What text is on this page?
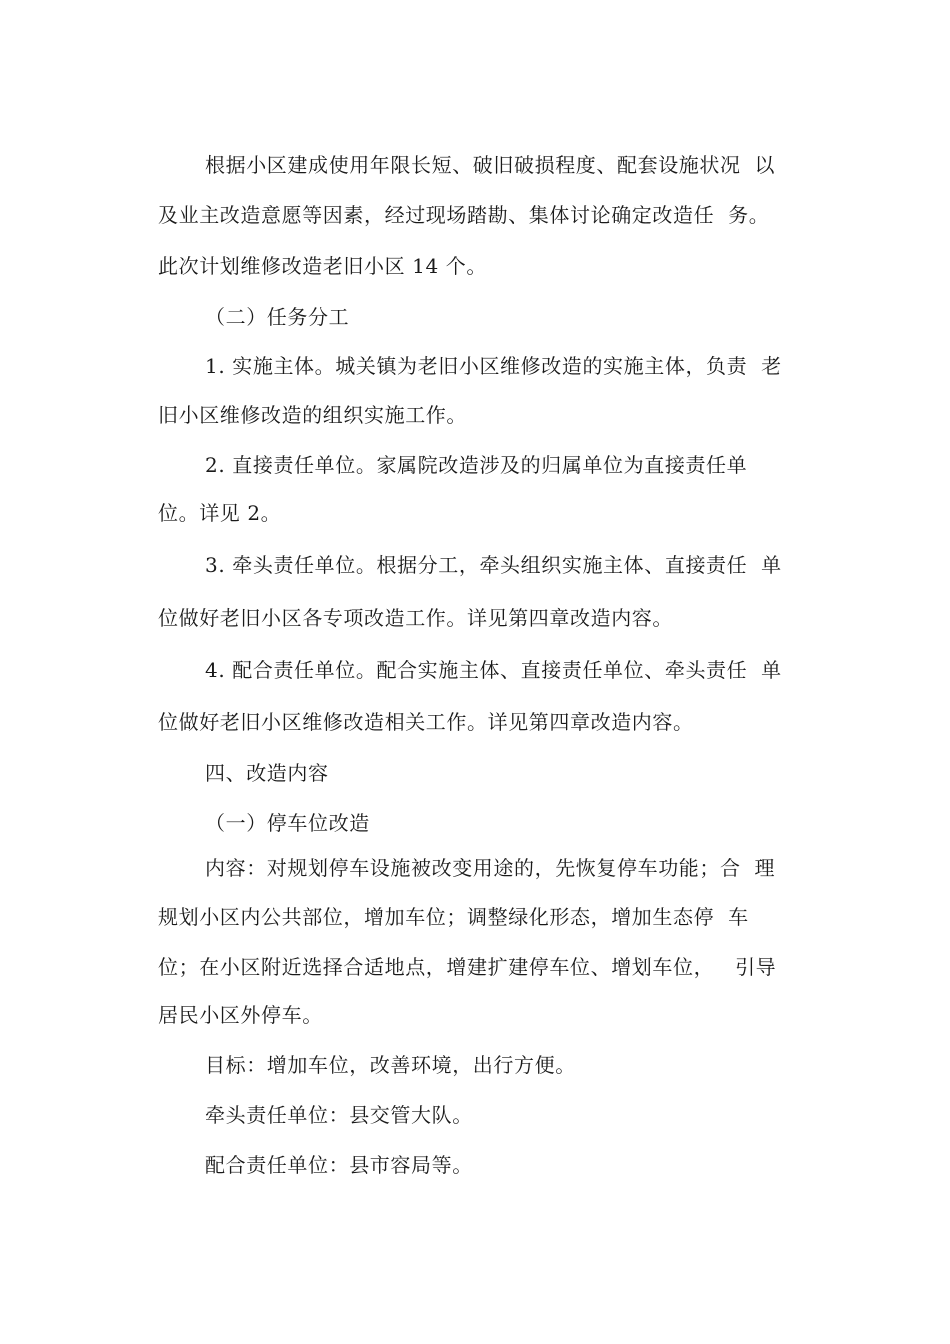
根据小区建成使用年限长短、破旧破损程度、配套设施状况  以
及业主改造意愿等因素，经过现场踏勘、集体讨论确定改造任  务。
此次计划维修改造老旧小区 14 个。
（二）任务分工
1. 实施主体。城关镇为老旧小区维修改造的实施主体，负责  老
旧小区维修改造的组织实施工作。
2. 直接责任单位。家属院改造涉及的归属单位为直接责任单
位。详见 2。
3. 牵头责任单位。根据分工，牵头组织实施主体、直接责任  单
位做好老旧小区各专项改造工作。详见第四章改造内容。
4. 配合责任单位。配合实施主体、直接责任单位、牵头责任  单
位做好老旧小区维修改造相关工作。详见第四章改造内容。
四、改造内容
（一）停车位改造
内容：对规划停车设施被改变用途的，先恢复停车功能；合  理
规划小区内公共部位，增加车位；调整绿化形态，增加生态停  车
位；在小区附近选择合适地点，增建扩建停车位、增划车位，   引导
居民小区外停车。
目标：增加车位，改善环境，出行方便。
牵头责任单位：县交管大队。
配合责任单位：县市容局等。
